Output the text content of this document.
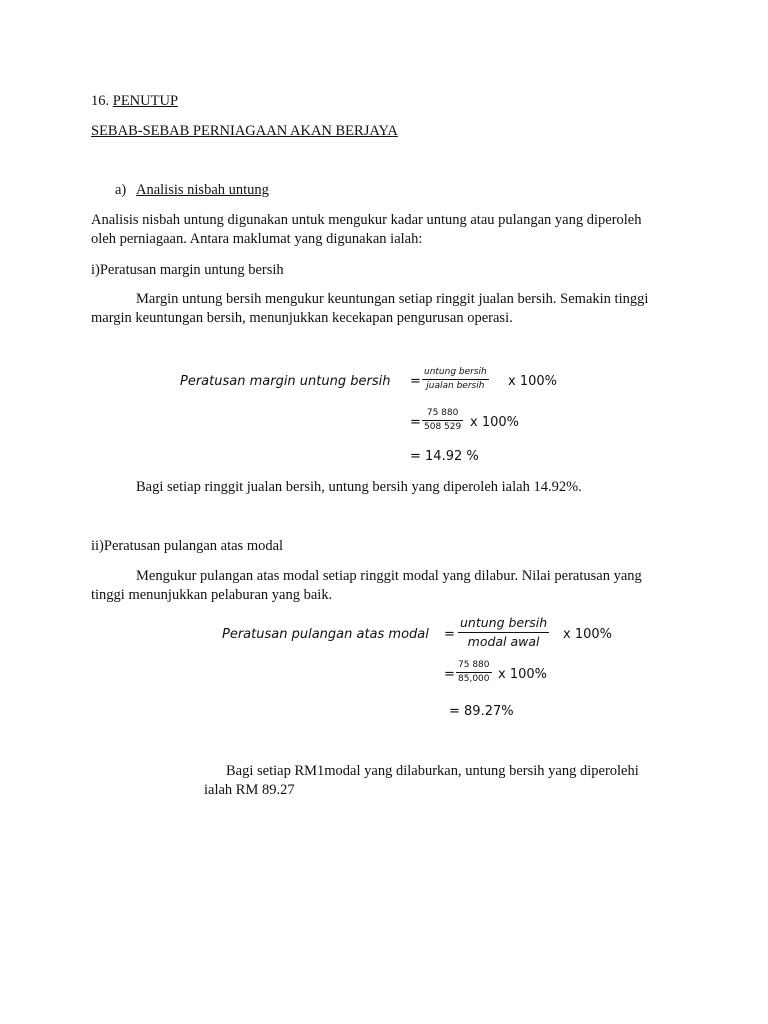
16. PENUTUP
SEBAB-SEBAB PERNIAGAAN AKAN BERJAYA
a) Analisis nisbah untung
Analisis nisbah untung digunakan untuk mengukur kadar untung atau pulangan yang diperoleh
oleh perniagaan. Antara maklumat yang digunakan ialah:
i)Peratusan margin untung bersih
Margin untung bersih mengukur keuntungan setiap ringgit jualan bersih. Semakin tinggi
margin keuntungan bersih, menunjukkan kecekapan pengurusan operasi.
Peratusan margin untung bersih =
untung bersih
jualan bersih	x 100%
= $\frac{75 880}{508 529}$ x 100%
= 14.92 %
Bagi setiap ringgit jualan bersih, untung bersih yang diperoleh ialah 14.92%.
ii)Peratusan pulangan atas modal
Mengukur pulangan atas modal setiap ringgit modal yang dilabur. Nilai peratusan yang
tinggi menunjukkan pelaburan yang baik.
Peratusan pulangan atas modal =
untung bersih
modal awal	x 100%
= $\frac{75 880}{85,000}$ x 100%
= 89.27%
Bagi setiap RM1modal yang dilaburkan, untung bersih yang diperolehi
ialah RM 89.27
